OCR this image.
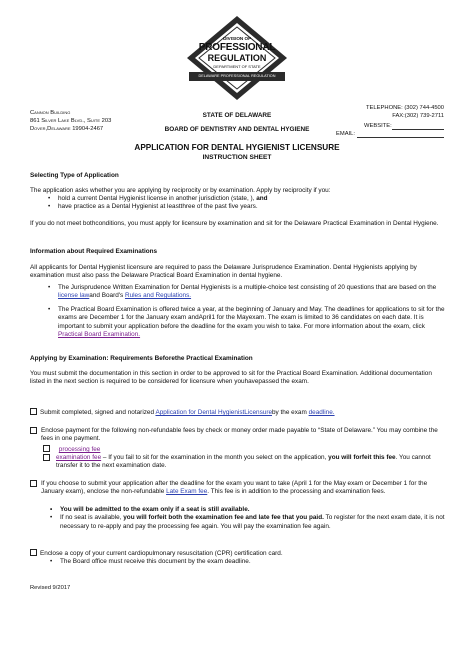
DIVISION OF
PROFESSIONAL
REGULATION
DEPARTMENT OF STATE
DELAWARE PROFESSIONAL REGULATION
Cannon Building
861 Silver Lake Blvd., Suite 203
Dover,Delaware 19904-2467
STATE OF DELAWARE
BOARD OF DENTISTRY AND DENTAL HYGIENE
TELEPHONE: (302) 744-4500
FAX:(302) 739-2711
WEBSITE:
EMAIL:
APPLICATION FOR DENTAL HYGIENIST LICENSURE
INSTRUCTION SHEET
Selecting Type of Application
The application asks whether you are applying by reciprocity or by examination. Apply by reciprocity if you:
• hold a current Dental Hygienist license in another jurisdiction (state, ), and
• have practice as a Dental Hygienist at leastthree of the past five years.
If you do not meet bothconditions, you must apply for licensure by examination and sit for the Delaware Practical Examination in Dental Hygiene.
Information about Required Examinations
All applicants for Dental Hygienist licensure are required to pass the Delaware Jurisprudence Examination. Dental Hygienists applying by examination must also pass the Delaware Practical Board Examination in dental hygiene.
• The Jurisprudence Written Examination for Dental Hygienists is a multiple-choice test consisting of 20 questions that are based on the license lawand Board's Rules and Regulations.
• The Practical Board Examination is offered twice a year, at the beginning of January and May. The deadlines for applications to sit for the exams are December 1 for the January exam andApril1 for the Mayexam. The exam is limited to 36 candidates on each date. It is important to submit your application before the deadline for the exam you wish to take. For more information about the exam, click Practical Board Examination.
Applying by Examination: Requirements Beforethe Practical Examination
You must submit the documentation in this section in order to be approved to sit for the Practical Board Examination. Additional documentation listed in the next section is required to be considered for licensure when youhavepassed the exam.
Submit completed, signed and notarized Application for Dental HygienistLicensureby the exam deadline.
Enclose payment for the following non-refundable fees by check or money order made payable to “State of Delaware.” You may combine the fees in one payment.
processing fee
examination fee – If you fail to sit for the examination in the month you select on the application, you will forfeit this fee. You cannot transfer it to the next examination date.
If you choose to submit your application after the deadline for the exam you want to take (April 1 for the May exam or December 1 for the January exam), enclose the non-refundable Late Exam fee. This fee is in addition to the processing and examination fees.
• You will be admitted to the exam only if a seat is still available.
• If no seat is available, you will forfeit both the examination fee and late fee that you paid. To register for the next exam date, it is not necessary to re-apply and pay the processing fee again. You will pay the examination fee again.
Enclose a copy of your current cardiopulmonary resuscitation (CPR) certification card.
• The Board office must receive this document by the exam deadline.
Revised 9/2017
